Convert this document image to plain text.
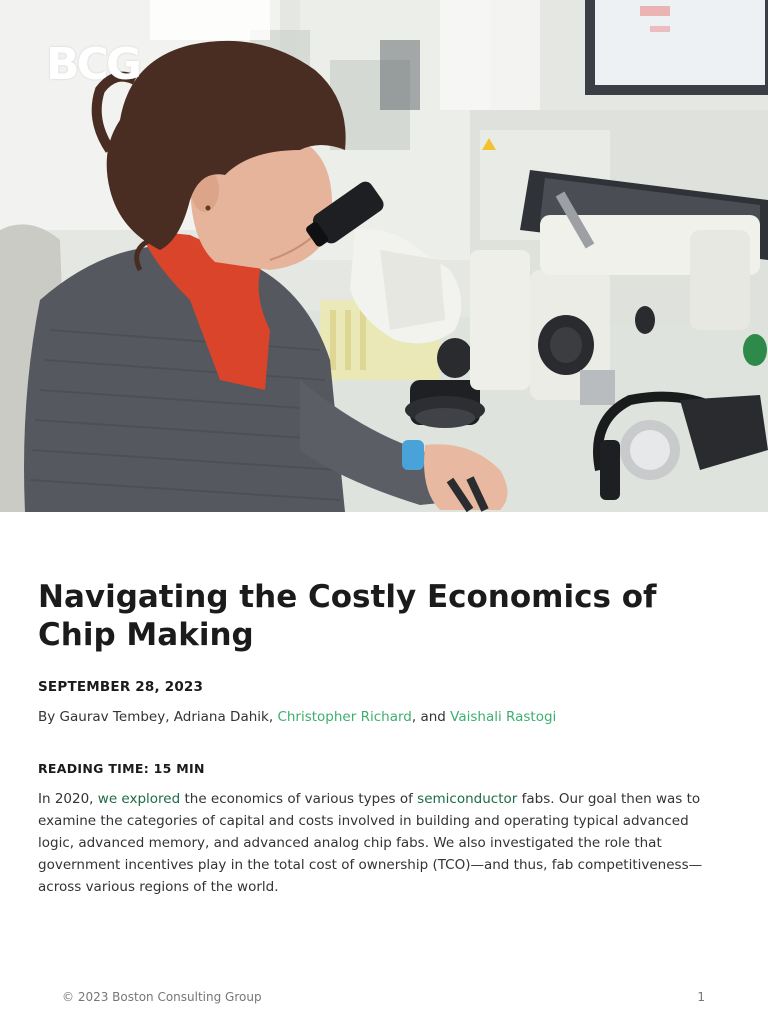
BCG
Navigating the Costly Economics of Chip Making

SEPTEMBER 28, 2023

By Gaurav Tembey, Adriana Dahik, Christopher Richard, and Vaishali Rastogi

READING TIME: 15 MIN

In 2020, we explored the economics of various types of semiconductor fabs. Our goal then was to examine the categories of capital and costs involved in building and operating typical advanced logic, advanced memory, and advanced analog chip fabs. We also investigated the role that government incentives play in the total cost of ownership (TCO)—and thus, fab competitiveness—across various regions of the world.

© 2023 Boston Consulting Group	1
